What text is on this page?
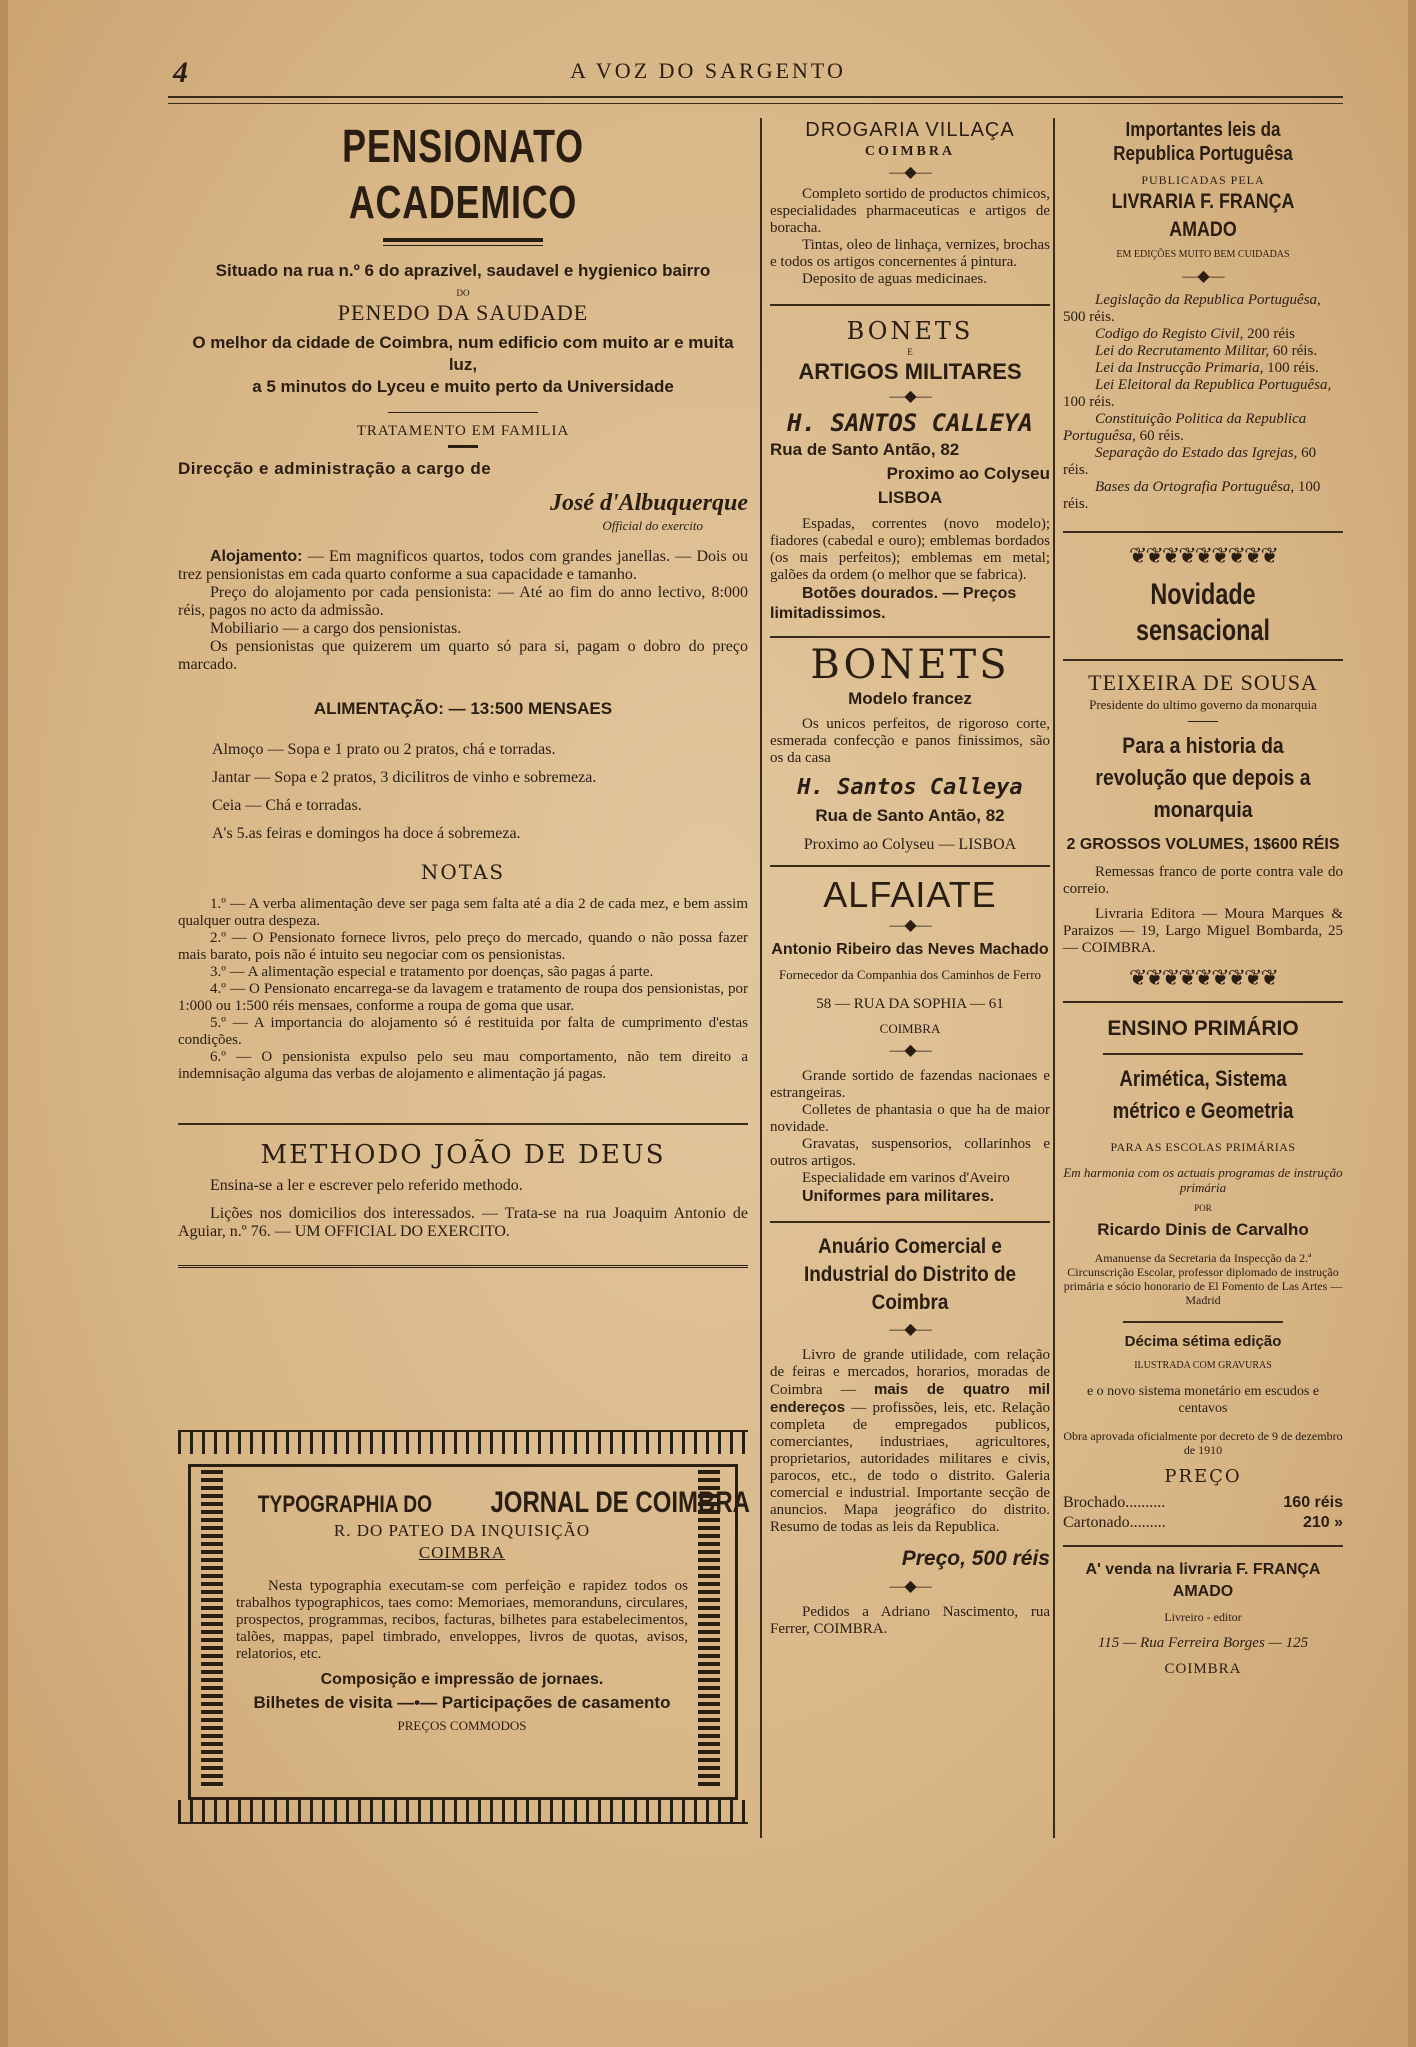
4	A VOZ DO SARGENTO
PENSIONATO ACADEMICO
Situado na rua n.º 6 do aprazivel, saudavel e hygienico bairro
DO
PENEDO DA SAUDADE
O melhor da cidade de Coimbra, num edificio com muito ar e muita luz,
a 5 minutos do Lyceu e muito perto da Universidade
TRATAMENTO EM FAMILIA
Direcção e administração a cargo de
José d'Albuquerque
Official do exercito

Alojamento: — Em magnificos quartos, todos com grandes janellas. — Dois ou trez pensionistas em cada quarto conforme a sua capacidade e tamanho.

Preço do alojamento por cada pensionista: — Até ao fim do anno lectivo, 8:000 réis, pagos no acto da admissão.

Mobiliario — a cargo dos pensionistas.

Os pensionistas que quizerem um quarto só para si, pagam o dobro do preço marcado.

ALIMENTAÇÃO: — 13:500 MENSAES

Almoço — Sopa e 1 prato ou 2 pratos, chá e torradas.

Jantar — Sopa e 2 pratos, 3 dicilitros de vinho e sobremeza.

Ceia — Chá e torradas.

A's 5.as feiras e domingos ha doce á sobremeza.

NOTAS

1.º — A verba alimentação deve ser paga sem falta até a dia 2 de cada mez, e bem assim qualquer outra despeza.

2.º — O Pensionato fornece livros, pelo preço do mercado, quando o não possa fazer mais barato, pois não é intuito seu negociar com os pensionistas.

3.º — A alimentação especial e tratamento por doenças, são pagas á parte.

4.º — O Pensionato encarrega-se da lavagem e tratamento de roupa dos pensionistas, por 1:000 ou 1:500 réis mensaes, conforme a roupa de goma que usar.

5.º — A importancia do alojamento só é restituida por falta de cumprimento d'estas condições.

6.º — O pensionista expulso pelo seu mau comportamento, não tem direito a indemnisação alguma das verbas de alojamento e alimentação já pagas.

METHODO JOÃO DE DEUS

Ensina-se a ler e escrever pelo referido methodo.

Lições nos domicilios dos interessados. — Trata-se na rua Joaquim Antonio de Aguiar, n.º 76. — UM OFFICIAL DO EXERCITO.

TYPOGRAPHIA DO JORNAL DE COIMBRA
R. DO PATEO DA INQUISIÇÃO
COIMBRA

Nesta typographia executam-se com perfeição e rapidez todos os trabalhos typographicos, taes como: Memoriaes, memoranduns, circulares, prospectos, programmas, recibos, facturas, bilhetes para estabelecimentos, talões, mappas, papel timbrado, enveloppes, livros de quotas, avisos, relatorios, etc.

Composição e impressão de jornaes.
Bilhetes de visita —•— Participações de casamento
PREÇOS COMMODOS
DROGARIA VILLAÇA
COIMBRA
—◆—

Completo sortido de productos chimicos, especialidades pharmaceuticas e artigos de boracha.

Tintas, oleo de linhaça, vernizes, brochas e todos os artigos concernentes á pintura.

Deposito de aguas medicinaes.

BONETS
E
ARTIGOS MILITARES
—◆—
H. SANTOS CALLEYA
Rua de Santo Antão, 82
Proximo ao Colyseu
LISBOA

Espadas, correntes (novo modelo); fiadores (cabedal e ouro); emblemas bordados (os mais perfeitos); emblemas em metal; galões da ordem (o melhor que se fabrica).

Botões dourados. — Preços limitadissimos.

BONETS
Modelo francez

Os unicos perfeitos, de rigoroso corte, esmerada confecção e panos finissimos, são os da casa

H. Santos Calleya
Rua de Santo Antão, 82
Proximo ao Colyseu — LISBOA
ALFAIATE
—◆—
Antonio Ribeiro das Neves Machado
Fornecedor da Companhia dos Caminhos de Ferro
58 — RUA DA SOPHIA — 61
COIMBRA
—◆—

Grande sortido de fazendas nacionaes e estrangeiras.

Colletes de phantasia o que ha de maior novidade.

Gravatas, suspensorios, collarinhos e outros artigos.

Especialidade em varinos d'Aveiro

Uniformes para militares.

Anuário Comercial e Industrial do Distrito de Coimbra
—◆—

Livro de grande utilidade, com relação de feiras e mercados, horarios, moradas de Coimbra — mais de quatro mil endereços — profissões, leis, etc. Relação completa de empregados publicos, comerciantes, industriaes, agricultores, proprietarios, autoridades militares e civis, parocos, etc., de todo o distrito. Galeria comercial e industrial. Importante secção de anuncios. Mapa jeográfico do distrito. Resumo de todas as leis da Republica.

Preço, 500 réis
—◆—

Pedidos a Adriano Nascimento, rua Ferrer, COIMBRA.

Importantes leis da Republica Portuguêsa
PUBLICADAS PELA
LIVRARIA F. FRANÇA AMADO
EM EDIÇÕES MUITO BEM CUIDADAS
—◆—

Legislação da Republica Portuguêsa, 500 réis.

Codigo do Registo Civil, 200 réis

Lei do Recrutamento Militar, 60 réis.

Lei da Instrucção Primaria, 100 réis.

Lei Eleitoral da Republica Portuguêsa, 100 réis.

Constituição Politica da Republica Portuguêsa, 60 réis.

Separação do Estado das Igrejas, 60 réis.

Bases da Ortografia Portuguêsa, 100 réis.

❦❦❦❦❦❦❦❦❦
Novidade sensacional
TEIXEIRA DE SOUSA
Presidente do ultimo governo da monarquia
Para a historia da revolução que depois a monarquia
2 GROSSOS VOLUMES, 1$600 RÉIS

Remessas franco de porte contra vale do correio.

Livraria Editora — Moura Marques & Paraizos — 19, Largo Miguel Bombarda, 25 — COIMBRA.

❦❦❦❦❦❦❦❦❦
ENSINO PRIMÁRIO
Arimética, Sistema métrico e Geometria
PARA AS ESCOLAS PRIMÁRIAS
Em harmonia com os actuais programas de instrução primária
POR
Ricardo Dinis de Carvalho
Amanuense da Secretaria da Inspecção da 2.ª Circunscrição Escolar, professor diplomado de instrução primária e sócio honorario de El Fomento de Las Artes — Madrid
Décima sétima edição
ILUSTRADA COM GRAVURAS
e o novo sistema monetário em escudos e centavos
Obra aprovada oficialmente por decreto de 9 de dezembro de 1910
PREÇO
Brochado..........	160 réis
Cartonado.........	210 »
A' venda na livraria F. FRANÇA AMADO
Livreiro - editor
115 — Rua Ferreira Borges — 125
COIMBRA
